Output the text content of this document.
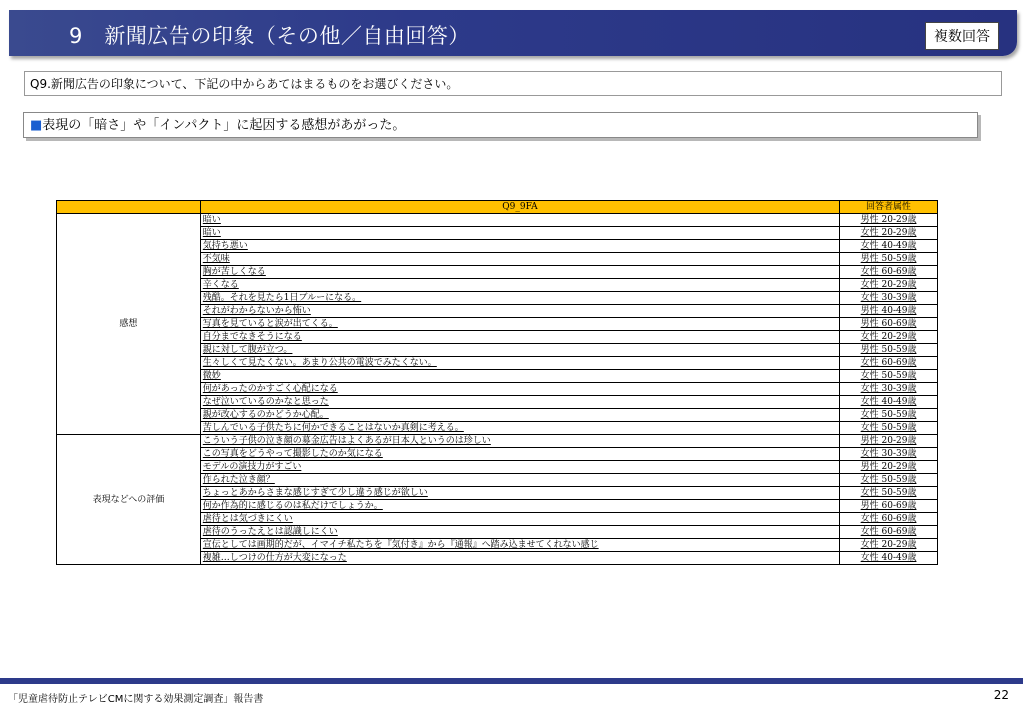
9　新聞広告の印象（その他／自由回答）	複数回答
Q9.新聞広告の印象について、下記の中からあてはまるものをお選びください。
■表現の「暗さ」や「インパクト」に起因する感想があがった。
	Q9_9FA	回答者属性
感想	暗い	男性 20-29歳
	暗い	女性 20-29歳
	気持ち悪い	女性 40-49歳
	不気味	男性 50-59歳
	胸が苦しくなる	女性 60-69歳
	辛くなる	女性 20-29歳
	残酷。それを見たら1日ブルーになる。	女性 30-39歳
	それがわからないから怖い	男性 40-49歳
	写真を見ていると涙が出てくる。	男性 60-69歳
	自分までなきそうになる	女性 20-29歳
	親に対して腹が立つ。	男性 50-59歳
	生々しくて見たくない。あまり公共の電波でみたくない。	女性 60-69歳
	微妙	女性 50-59歳
	何があったのかすごく心配になる	女性 30-39歳
	なぜ泣いているのかなと思った	女性 40-49歳
	親が改心するのかどうか心配。	女性 50-59歳
	苦しんでいる子供たちに何かできることはないか真剣に考える。	女性 50-59歳
表現などへの評価	こういう子供の泣き顔の募金広告はよくあるが日本人というのは珍しい	男性 20-29歳
	この写真をどうやって撮影したのか気になる	女性 30-39歳
	モデルの演技力がすごい	男性 20-29歳
	作られた泣き顔？	女性 50-59歳
	ちょっとあからさまな感じすぎて少し違う感じが欲しい	女性 50-59歳
	何か作為的に感じるのは私だけでしょうか。	男性 60-69歳
	虐待とは気づきにくい	女性 60-69歳
	虐待のうったえとは認識しにくい	女性 60-69歳
	宣伝としては画期的だが、イマイチ私たちを『気付き』から『通報』へ踏み込ませてくれない感じ	女性 20-29歳
	複雑…しつけの仕方が大変になった	女性 40-49歳
「児童虐待防止テレビCMに関する効果測定調査」報告書	22
